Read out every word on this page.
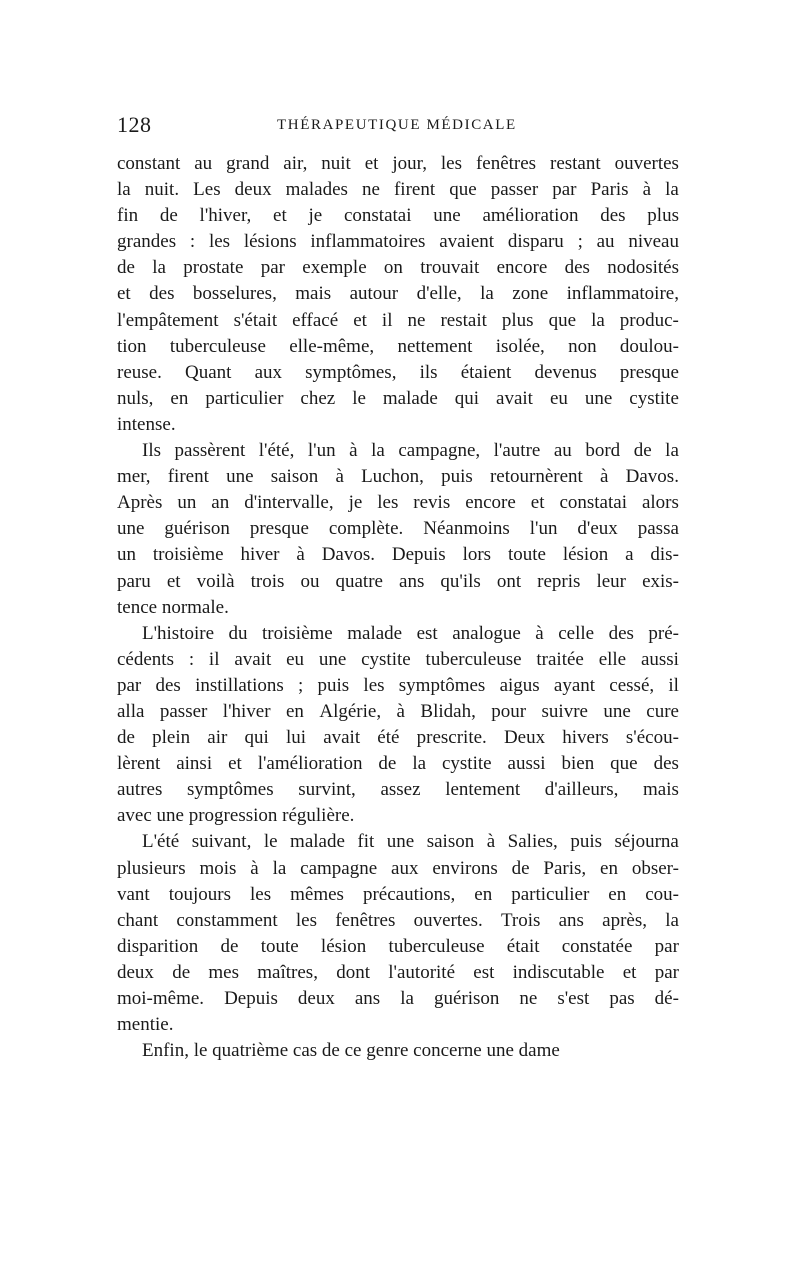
128	THÉRAPEUTIQUE MÉDICALE
constant au grand air, nuit et jour, les fenêtres restant ouvertes
la nuit. Les deux malades ne firent que passer par Paris à la
fin de l'hiver, et je constatai une amélioration des plus
grandes : les lésions inflammatoires avaient disparu ; au niveau
de la prostate par exemple on trouvait encore des nodosités
et des bosselures, mais autour d'elle, la zone inflammatoire,
l'empâtement s'était effacé et il ne restait plus que la produc-
tion tuberculeuse elle-même, nettement isolée, non doulou-
reuse. Quant aux symptômes, ils étaient devenus presque
nuls, en particulier chez le malade qui avait eu une cystite
intense.
Ils passèrent l'été, l'un à la campagne, l'autre au bord de la
mer, firent une saison à Luchon, puis retournèrent à Davos.
Après un an d'intervalle, je les revis encore et constatai alors
une guérison presque complète. Néanmoins l'un d'eux passa
un troisième hiver à Davos. Depuis lors toute lésion a dis-
paru et voilà trois ou quatre ans qu'ils ont repris leur exis-
tence normale.
L'histoire du troisième malade est analogue à celle des pré-
cédents : il avait eu une cystite tuberculeuse traitée elle aussi
par des instillations ; puis les symptômes aigus ayant cessé, il
alla passer l'hiver en Algérie, à Blidah, pour suivre une cure
de plein air qui lui avait été prescrite. Deux hivers s'écou-
lèrent ainsi et l'amélioration de la cystite aussi bien que des
autres symptômes survint, assez lentement d'ailleurs, mais
avec une progression régulière.
L'été suivant, le malade fit une saison à Salies, puis séjourna
plusieurs mois à la campagne aux environs de Paris, en obser-
vant toujours les mêmes précautions, en particulier en cou-
chant constamment les fenêtres ouvertes. Trois ans après, la
disparition de toute lésion tuberculeuse était constatée par
deux de mes maîtres, dont l'autorité est indiscutable et par
moi-même. Depuis deux ans la guérison ne s'est pas dé-
mentie.
Enfin, le quatrième cas de ce genre concerne une dame
